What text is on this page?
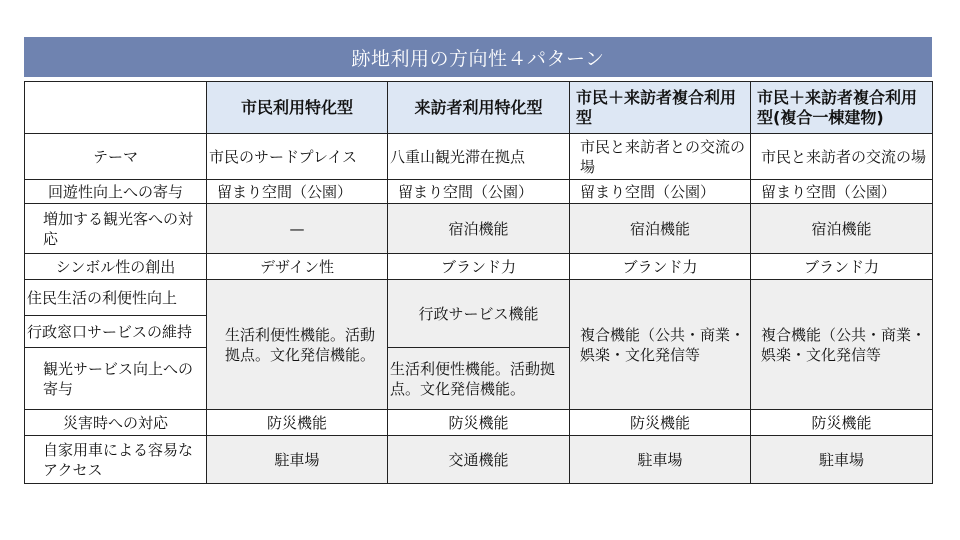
跡地利用の方向性４パターン
	市民利用特化型	来訪者利用特化型	市民＋来訪者複合利用型	市民＋来訪者複合利用型(複合一棟建物)
テーマ	市民のサードプレイス	八重山観光滞在拠点	市民と来訪者との交流の場	市民と来訪者の交流の場
回遊性向上への寄与	留まり空間（公園）	留まり空間（公園）	留まり空間（公園）	留まり空間（公園）
増加する観光客への対応	—	宿泊機能	宿泊機能	宿泊機能
シンボル性の創出	デザイン性	ブランド力	ブランド力	ブランド力
住民生活の利便性向上	生活利便性機能。活動拠点。文化発信機能。	行政サービス機能	複合機能（公共・商業・娯楽・文化発信等	複合機能（公共・商業・娯楽・文化発信等
行政窓口サービスの維持				
観光サービス向上への寄与		生活利便性機能。活動拠点。文化発信機能。		
災害時への対応	防災機能	防災機能	防災機能	防災機能
自家用車による容易なアクセス	駐車場	交通機能	駐車場	駐車場
